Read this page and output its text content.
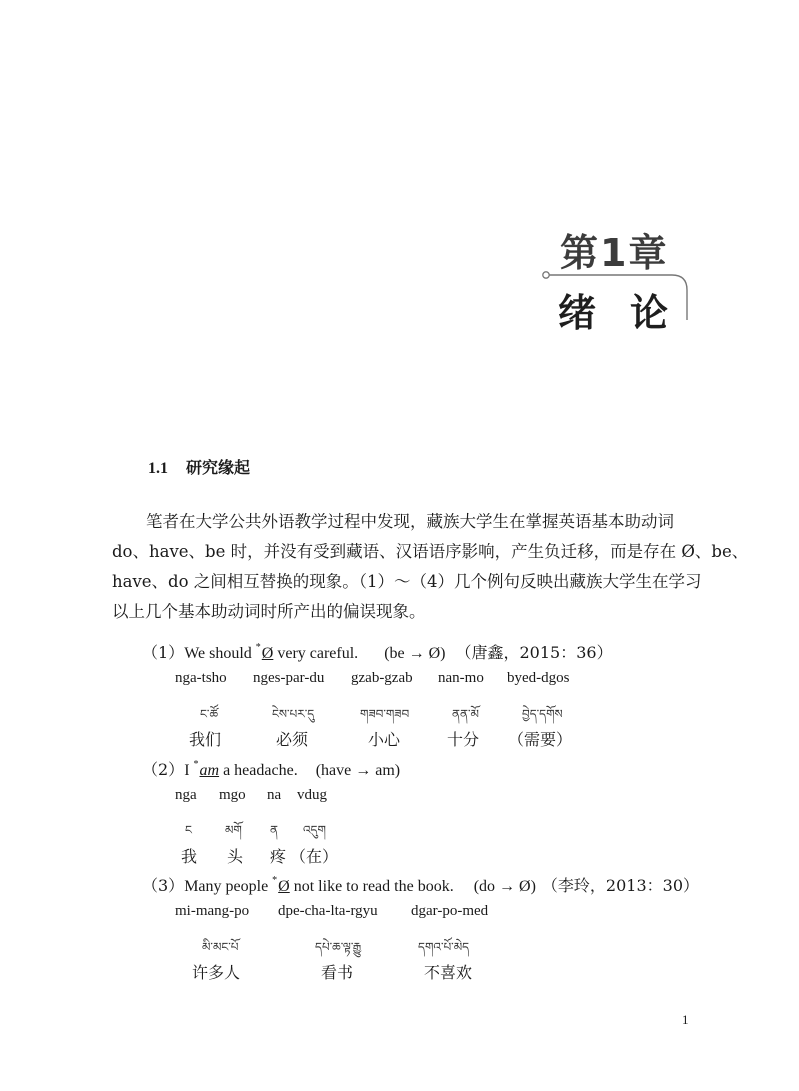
第1章
绪论
1.1 研究缘起
笔者在大学公共外语教学过程中发现，藏族大学生在掌握英语基本助动词
do、have、be 时，并没有受到藏语、汉语语序影响，产生负迁移，而是存在 Ø、be、
have、do 之间相互替换的现象。（1）～（4）几个例句反映出藏族大学生在学习
以上几个基本助动词时所产出的偏误现象。
（1）We should *Ø very careful. (be → Ø) （唐鑫，2015：36）
nga-tsho nges-par-du gzab-gzab nan-mo byed-dgos
ང་ཚོ	ངེས་པར་དུ	གཟབ་གཟབ	ནན་མོ	བྱེད་དགོས
我们	必须	小心	十分 （需要）
（2）I *am a headache. (have → am)
nga mgo na vdug
ང	མགོ ན འདུག
我 头 疼 （在）
（3）Many people *Ø not like to read the book. (do → Ø) （李玲，2013：30）
mi-mang-po dpe-cha-lta-rgyu dgar-po-med
མི་མང་པོ	དཔེ་ཆ་ལྟ་རྒྱུ	དགའ་པོ་མེད
许多人	看书	不喜欢
1
